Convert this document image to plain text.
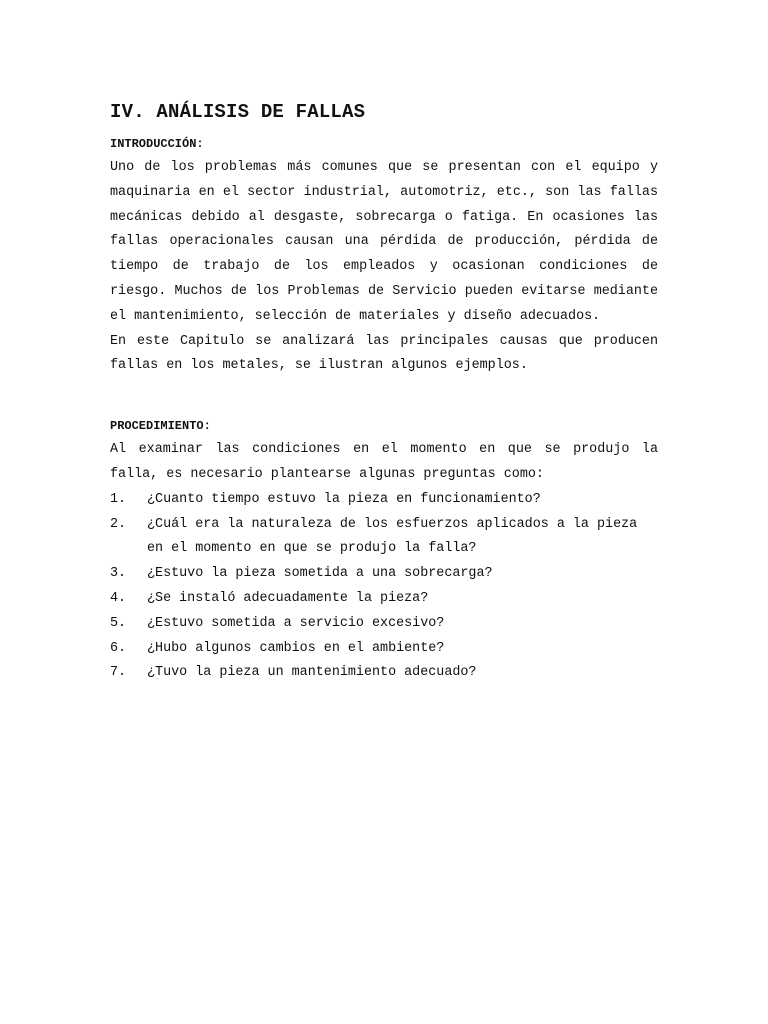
IV. ANÁLISIS DE FALLAS
INTRODUCCIÓN:

Uno de los problemas más comunes que se presentan con el equipo y maquinaria en el sector industrial, automotriz, etc., son las fallas mecánicas debido al desgaste, sobrecarga o fatiga. En ocasiones las fallas operacionales causan una pérdida de producción, pérdida de tiempo de trabajo de los empleados y ocasionan condiciones de riesgo. Muchos de los Problemas de Servicio pueden evitarse mediante el mantenimiento, selección de materiales y diseño adecuados.

En este Capitulo se analizará las principales causas que producen fallas en los metales, se ilustran algunos ejemplos.

PROCEDIMIENTO:

Al examinar las condiciones en el momento en que se produjo la falla, es necesario plantearse algunas preguntas como:

1.	¿Cuanto tiempo estuvo la pieza en funcionamiento?
2.	¿Cuál era la naturaleza de los esfuerzos aplicados a la pieza en el momento en que se produjo la falla?
3.	¿Estuvo la pieza sometida a una sobrecarga?
4.	¿Se instaló adecuadamente la pieza?
5.	¿Estuvo sometida a servicio excesivo?
6.	¿Hubo algunos cambios en el ambiente?
7.	¿Tuvo la pieza un mantenimiento adecuado?
